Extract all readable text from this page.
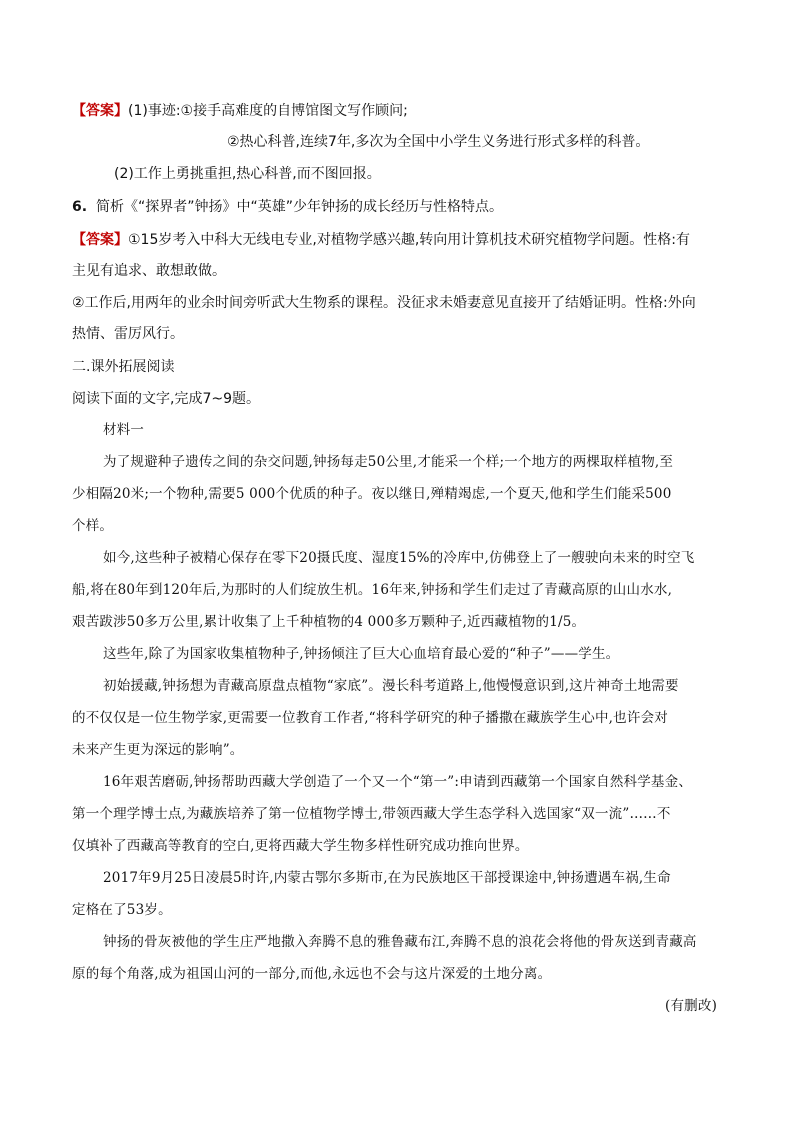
【答案】(1)事迹:①接手高难度的自博馆图文写作顾问;
②热心科普,连续7年,多次为全国中小学生义务进行形式多样的科普。
(2)工作上勇挑重担,热心科普,而不图回报。
6. 简析《“探界者”钟扬》中“英雄”少年钟扬的成长经历与性格特点。
【答案】①15岁考入中科大无线电专业,对植物学感兴趣,转向用计算机技术研究植物学问题。性格:有
主见有追求、敢想敢做。
②工作后,用两年的业余时间旁听武大生物系的课程。没征求未婚妻意见直接开了结婚证明。性格:外向
热情、雷厉风行。
二.课外拓展阅读
阅读下面的文字,完成7~9题。
材料一
为了规避种子遗传之间的杂交问题,钟扬每走50公里,才能采一个样;一个地方的两棵取样植物,至
少相隔20米;一个物种,需要5 000个优质的种子。夜以继日,殚精竭虑,一个夏天,他和学生们能采500
个样。
如今,这些种子被精心保存在零下20摄氏度、湿度15%的冷库中,仿佛登上了一艘驶向未来的时空飞
船,将在80年到120年后,为那时的人们绽放生机。16年来,钟扬和学生们走过了青藏高原的山山水水,
艰苦跋涉50多万公里,累计收集了上千种植物的4 000多万颗种子,近西藏植物的1/5。
这些年,除了为国家收集植物种子,钟扬倾注了巨大心血培育最心爱的“种子”——学生。
初始援藏,钟扬想为青藏高原盘点植物“家底”。漫长科考道路上,他慢慢意识到,这片神奇土地需要
的不仅仅是一位生物学家,更需要一位教育工作者,“将科学研究的种子播撒在藏族学生心中,也许会对
未来产生更为深远的影响”。
16年艰苦磨砺,钟扬帮助西藏大学创造了一个又一个“第一”:申请到西藏第一个国家自然科学基金、
第一个理学博士点,为藏族培养了第一位植物学博士,带领西藏大学生态学科入选国家“双一流”……不
仅填补了西藏高等教育的空白,更将西藏大学生物多样性研究成功推向世界。
2017年9月25日凌晨5时许,内蒙古鄂尔多斯市,在为民族地区干部授课途中,钟扬遭遇车祸,生命
定格在了53岁。
钟扬的骨灰被他的学生庄严地撒入奔腾不息的雅鲁藏布江,奔腾不息的浪花会将他的骨灰送到青藏高
原的每个角落,成为祖国山河的一部分,而他,永远也不会与这片深爱的土地分离。
(有删改)
